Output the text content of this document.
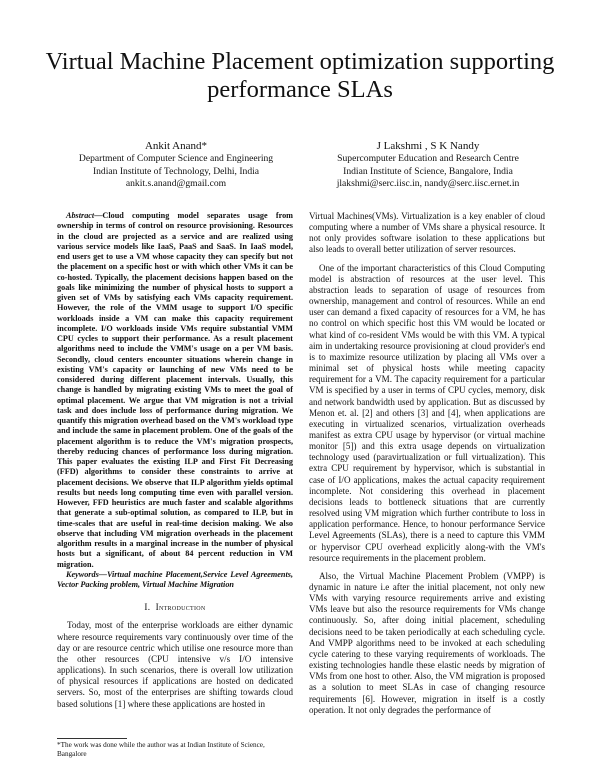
Virtual Machine Placement optimization supporting performance SLAs
Ankit Anand*
Department of Computer Science and Engineering
Indian Institute of Technology, Delhi, India
ankit.s.anand@gmail.com
J Lakshmi , S K Nandy
Supercomputer Education and Research Centre
Indian Institute of Science, Bangalore, India
jlakshmi@serc.iisc.in, nandy@serc.iisc.ernet.in

Abstract—Cloud computing model separates usage from ownership in terms of control on resource provisioning. Resources in the cloud are projected as a service and are realized using various service models like IaaS, PaaS and SaaS. In IaaS model, end users get to use a VM whose capacity they can specify but not the placement on a specific host or with which other VMs it can be co-hosted. Typically, the placement decisions happen based on the goals like minimizing the number of physical hosts to support a given set of VMs by satisfying each VMs capacity requirement. However, the role of the VMM usage to support I/O specific workloads inside a VM can make this capacity requirement incomplete. I/O workloads inside VMs require substantial VMM CPU cycles to support their performance. As a result placement algorithms need to include the VMM's usage on a per VM basis. Secondly, cloud centers encounter situations wherein change in existing VM's capacity or launching of new VMs need to be considered during different placement intervals. Usually, this change is handled by migrating existing VMs to meet the goal of optimal placement. We argue that VM migration is not a trivial task and does include loss of performance during migration. We quantify this migration overhead based on the VM's workload type and include the same in placement problem. One of the goals of the placement algorithm is to reduce the VM's migration prospects, thereby reducing chances of performance loss during migration. This paper evaluates the existing ILP and First Fit Decreasing (FFD) algorithms to consider these constraints to arrive at placement decisions. We observe that ILP algorithm yields optimal results but needs long computing time even with parallel version. However, FFD heuristics are much faster and scalable algorithms that generate a sub-optimal solution, as compared to ILP, but in time-scales that are useful in real-time decision making. We also observe that including VM migration overheads in the placement algorithm results in a marginal increase in the number of physical hosts but a significant, of about 84 percent reduction in VM migration.

Keywords—Virtual machine Placement,Service Level Agreements, Vector Packing problem, Virtual Machine Migration

I. Introduction

Today, most of the enterprise workloads are either dynamic where resource requirements vary continuously over time of the day or are resource centric which utilise one resource more than the other resources (CPU intensive v/s I/O intensive applications). In such scenarios, there is overall low utilization of physical resources if applications are hosted on dedicated servers. So, most of the enterprises are shifting towards cloud based solutions [1] where these applications are hosted in

*The work was done while the author was at Indian Institute of Science, Bangalore

Virtual Machines(VMs). Virtualization is a key enabler of cloud computing where a number of VMs share a physical resource. It not only provides software isolation to these applications but also leads to overall better utilization of server resources.

One of the important characteristics of this Cloud Computing model is abstraction of resources at the user level. This abstraction leads to separation of usage of resources from ownership, management and control of resources. While an end user can demand a fixed capacity of resources for a VM, he has no control on which specific host this VM would be located or what kind of co-resident VMs would be with this VM. A typical aim in undertaking resource provisioning at cloud provider's end is to maximize resource utilization by placing all VMs over a minimal set of physical hosts while meeting capacity requirement for a VM. The capacity requirement for a particular VM is specified by a user in terms of CPU cycles, memory, disk and network bandwidth used by application. But as discussed by Menon et. al. [2] and others [3] and [4], when applications are executing in virtualized scenarios, virtualization overheads manifest as extra CPU usage by hypervisor (or virtual machine monitor [5]) and this extra usage depends on virtualization technology used (paravirtualization or full virtualization). This extra CPU requirement by hypervisor, which is substantial in case of I/O applications, makes the actual capacity requirement incomplete. Not considering this overhead in placement decisions leads to bottleneck situations that are currently resolved using VM migration which further contribute to loss in application performance. Hence, to honour performance Service Level Agreements (SLAs), there is a need to capture this VMM or hypervisor CPU overhead explicitly along-with the VM's resource requirements in the placement problem.

Also, the Virtual Machine Placement Problem (VMPP) is dynamic in nature i.e after the initial placement, not only new VMs with varying resource requirements arrive and existing VMs leave but also the resource requirements for VMs change continuously. So, after doing initial placement, scheduling decisions need to be taken periodically at each scheduling cycle. And VMPP algorithms need to be invoked at each scheduling cycle catering to these varying requirements of workloads. The existing technologies handle these elastic needs by migration of VMs from one host to other. Also, the VM migration is proposed as a solution to meet SLAs in case of changing resource requirements [6]. However, migration in itself is a costly operation. It not only degrades the performance of
